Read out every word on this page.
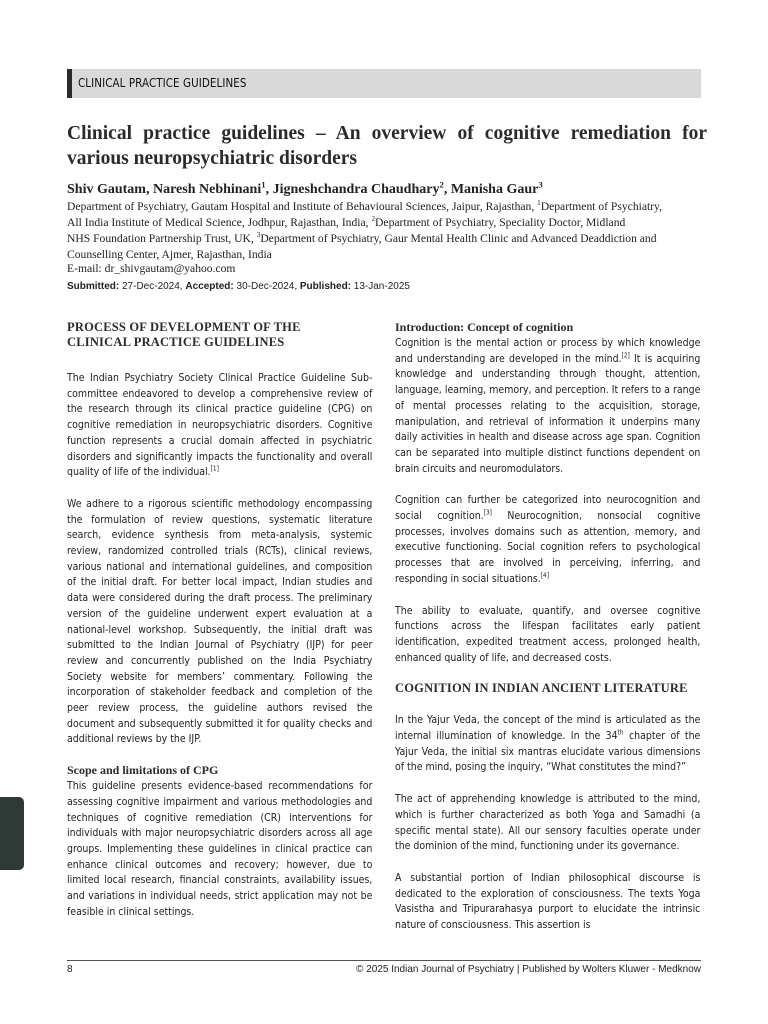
CLINICAL PRACTICE GUIDELINES
Clinical practice guidelines – An overview of cognitive remediation for various neuropsychiatric disorders
Shiv Gautam, Naresh Nebhinani$^1$, Jigneshchandra Chaudhary$^2$, Manisha Gaur$^3$
Department of Psychiatry, Gautam Hospital and Institute of Behavioural Sciences, Jaipur, Rajasthan, $^1$Department of Psychiatry,
All India Institute of Medical Science, Jodhpur, Rajasthan, India, $^2$Department of Psychiatry, Speciality Doctor, Midland
NHS Foundation Partnership Trust, UK, $^3$Department of Psychiatry, Gaur Mental Health Clinic and Advanced Deaddiction and
Counselling Center, Ajmer, Rajasthan, India
E-mail: dr_shivgautam@yahoo.com
Submitted: 27-Dec-2024, Accepted: 30-Dec-2024, Published: 13-Jan-2025
PROCESS OF DEVELOPMENT OF THE
CLINICAL PRACTICE GUIDELINES

The Indian Psychiatry Society Clinical Practice Guideline Sub-committee endeavored to develop a comprehensive review of the research through its clinical practice guideline (CPG) on cognitive remediation in neuropsychiatric disorders. Cognitive function represents a crucial domain affected in psychiatric disorders and significantly impacts the functionality and overall quality of life of the individual.[1]

We adhere to a rigorous scientific methodology encompassing the formulation of review questions, systematic literature search, evidence synthesis from meta-analysis, systemic review, randomized controlled trials (RCTs), clinical reviews, various national and international guidelines, and composition of the initial draft. For better local impact, Indian studies and data were considered during the draft process. The preliminary version of the guideline underwent expert evaluation at a national-level workshop. Subsequently, the initial draft was submitted to the Indian Journal of Psychiatry (IJP) for peer review and concurrently published on the India Psychiatry Society website for members’ commentary. Following the incorporation of stakeholder feedback and completion of the peer review process, the guideline authors revised the document and subsequently submitted it for quality checks and additional reviews by the IJP.

Scope and limitations of CPG

This guideline presents evidence-based recommendations for assessing cognitive impairment and various methodologies and techniques of cognitive remediation (CR) interventions for individuals with major neuropsychiatric disorders across all age groups. Implementing these guidelines in clinical practice can enhance clinical outcomes and recovery; however, due to limited local research, financial constraints, availability issues, and variations in individual needs, strict application may not be feasible in clinical settings.

Introduction: Concept of cognition

Cognition is the mental action or process by which knowledge and understanding are developed in the mind.[2] It is acquiring knowledge and understanding through thought, attention, language, learning, memory, and perception. It refers to a range of mental processes relating to the acquisition, storage, manipulation, and retrieval of information it underpins many daily activities in health and disease across age span. Cognition can be separated into multiple distinct functions dependent on brain circuits and neuromodulators.

Cognition can further be categorized into neurocognition and social cognition.[3] Neurocognition, nonsocial cognitive processes, involves domains such as attention, memory, and executive functioning. Social cognition refers to psychological processes that are involved in perceiving, inferring, and responding in social situations.[4]

The ability to evaluate, quantify, and oversee cognitive functions across the lifespan facilitates early patient identification, expedited treatment access, prolonged health, enhanced quality of life, and decreased costs.

COGNITION IN INDIAN ANCIENT LITERATURE

In the Yajur Veda, the concept of the mind is articulated as the internal illumination of knowledge. In the 34th chapter of the Yajur Veda, the initial six mantras elucidate various dimensions of the mind, posing the inquiry, “What constitutes the mind?”

The act of apprehending knowledge is attributed to the mind, which is further characterized as both Yoga and Samadhi (a specific mental state). All our sensory faculties operate under the dominion of the mind, functioning under its governance.

A substantial portion of Indian philosophical discourse is dedicated to the exploration of consciousness. The texts Yoga Vasistha and Tripurarahasya purport to elucidate the intrinsic nature of consciousness. This assertion is

8	© 2025 Indian Journal of Psychiatry | Published by Wolters Kluwer - Medknow
